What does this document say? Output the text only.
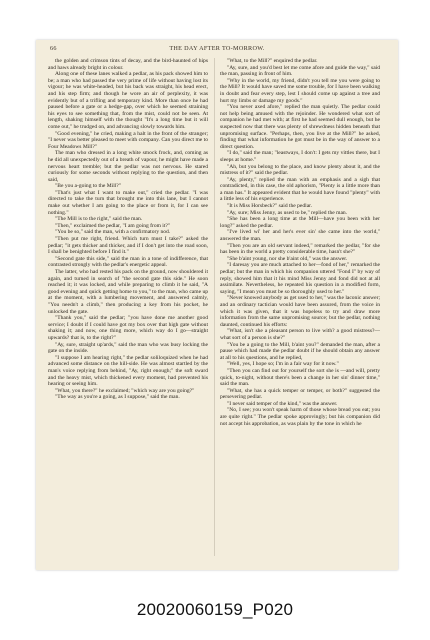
66	THE DAY AFTER TO-MORROW.

the golden and crimson tints of decay, and the bird-haunted of hips and haws already bright in colour.

Along one of these lanes walked a pedlar, as his pack showed him to be; a man who had passed the very prime of life without having lost its vigour; he was white-headed, but his back was straight, his head erect, and his step firm; and though he wore an air of perplexity, it was evidently but of a trifling and temporary kind. More than once he had paused before a gate or a hedge-gap, over which he seemed straining his eyes to see something that, from the mist, could not be seen. At length, shaking himself with the thought "It's a long time but it will come out," he trudged on, and advancing slowly towards him.

"Good evening," he cried, making a halt in the front of the stranger; "I never was better pleased to meet with company. Can you direct me to Four Meadows Mill?"

The man who dressed in a long white smock frock, and, coming as he did all unexpectedly out of a breath of vapour, he might have made a nervous heart tremble; but the pedlar was not nervous. He stared curiously for some seconds without replying to the question, and then said,

"Be you a-going to the Mill?"

"That's just what I want to make out," cried the pedlar. "I was directed to take the turn that brought me into this lane, but I cannot make out whether I am going to the place or from it, for I can see nothing."

"The Mill is to the right," said the man.

"Then," exclaimed the pedlar, "I am going from it?"

"You be so," said the man, with a confirmatory nod.

"Then put me right, friend. Which turn must I take?" asked the pedlar; "it gets thicker and thicker, and if I don't get into the road soon, I shall be benighted before I find it."

"Second gate this side," said the man in a tone of indifference, that contrasted strongly with the pedlar's energetic appeal.

The latter, who had rested his pack on the ground, now shouldered it again, and turned in search of "the second gate this side." He soon reached it; it was locked, and while preparing to climb it he said, "A good evening and quick getting home to you," to the man, who came up at the moment, with a lumbering movement, and answered calmly, "You needn't a climb," then producing a key from his pocket, he unlocked the gate.

"Thank you," said the pedlar; "you have done me another good service; I doubt if I could have got my box over that high gate without shaking it; and now, one thing more, which way do I go—straight upwards? that is, to the right?"

"Ay, sure, straight up'ards," said the man who was busy locking the gate on the inside.

"I suppose I am hearing right," the pedlar soliloquized when he had advanced some distance on the hill-side. He was almost startled by the man's voice replying from behind, "Ay, right enough;" the soft sward and the heavy mist, which thickened every moment, had prevented his hearing or seeing him.

"What, you there?" he exclaimed; "which way are you going?"

"The way as you're a going, as I suppose," said the man.

"What, to the Mill?" enquired the pedlar.

"Ay, sure, and you'd best let me come afore and guide the way," said the man, passing in front of him.

"Why in the world, my friend, didn't you tell me you were going to the Mill? It would have saved me some trouble, for I have been walking in doubt and fear every step, lest I should come up against a tree and hurt my limbs or damage my goods."

"You never axed afore," replied the man quietly. The pedlar could not help being amused with the rejoinder. He wondered what sort of companion he had met with; at first he had seemed dull enough, but he suspected now that there was plenty of shrewdness hidden beneath that unpromising surface. "Perhaps, then, you live at the Mill?" he asked, finding that what information he got must be in the way of answer to a direct question.

"I do," said the man; "leastways, I don't: I gets my vittles there, but I sleeps at home."

"Ah, but you belong to the place, and know plenty about it, and the mistress of it?" said the pedlar.

"Ay, plenty," replied the man with an emphasis and a sigh that contradicted, in this case, the old aphorism, "Plenty is a little more than a man has." It appeared evident that he would have found "plenty" with a little less of his experience.

"It is Miss Horsbeck?" said the pedlar.

"Ay, sure; Miss Jenny, as used to be," replied the man.

"She has been a long time at the Mill—have you been with her long?" asked the pedlar.

"I've lived wi' her and her's ever sin' she came into the world," answered the man.

"Then you are an old servant indeed," remarked the pedlar, "for she has been in the world a pretty considerable time, hasn't she?"

"She b'aint young, nor she b'aint old," was the answer.

"I daresay you are much attached to her—fond of her," remarked the pedlar; but the man in which his companion uttered "Fond I" by way of reply, showed him that it his mind Miss Jenny and fond did not at all assimilate. Nevertheless, he repeated his question in a modified form, saying, "I mean you must be so thoroughly used to her."

"Never knowed anybody as get used to her," was the laconic answer; and an ordinary tactician would have been assured, from the voice in which it was given, that it was hopeless to try and draw more information from the same unpromising source; but the pedlar, nothing daunted, continued his efforts:

"What, isn't she a pleasant person to live with? a good mistress?—what sort of a person is she?"

"You be a going to the Mill, b'aint you?" demanded the man, after a pause which had made the pedlar doubt if he should obtain any answer at all to his questions, and he replied,

"Well, yes, I hope so; I'm in a fair way for it now."

"Then you can find out for yourself the sort she is —and will, pretty quick, to-night, without there's been a change in her sin' dinner time," said the man.

"What, she has a quick temper or temper, or both?" suggested the persevering pedlar.

"I never said temper of the kind," was the answer.

"No, I see; you won't speak harm of those whose bread you eat; you are quite right." The pedlar spoke approvingly; but his companion did not accept his approbation, as was plain by the tone in which he

20020060159_P020
